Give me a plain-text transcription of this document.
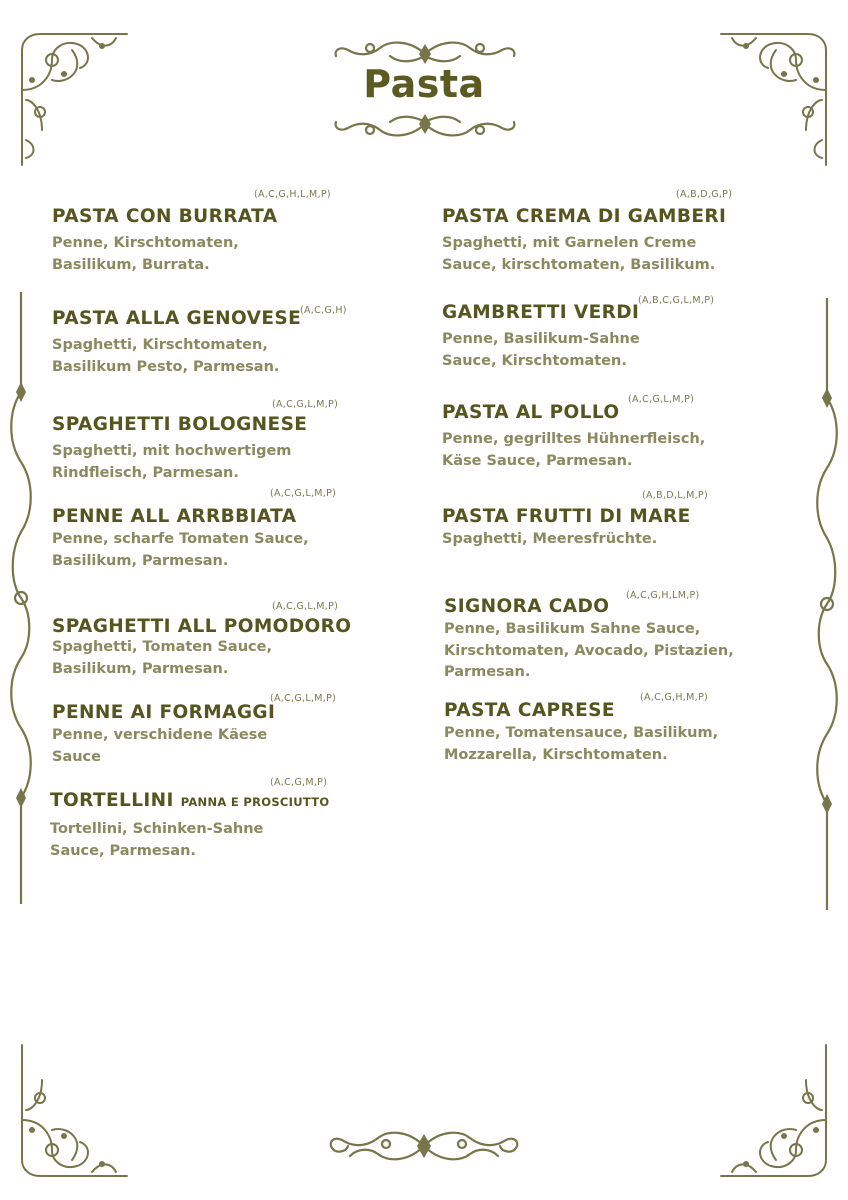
Pasta
PASTA CON BURRATA
(A,C,G,H,L,M,P)
Penne, Kirschtomaten,
Basilikum, Burrata.
PASTA ALLA GENOVESE
(A,C,G,H)
Spaghetti, Kirschtomaten,
Basilikum Pesto, Parmesan.
SPAGHETTI BOLOGNESE
(A,C,G,L,M,P)
Spaghetti, mit hochwertigem
Rindfleisch, Parmesan.
PENNE ALL ARRBBIATA
(A,C,G,L,M,P)
Penne, scharfe Tomaten Sauce,
Basilikum, Parmesan.
SPAGHETTI ALL POMODORO
(A,C,G,L,M,P)
Spaghetti, Tomaten Sauce,
Basilikum, Parmesan.
PENNE AI FORMAGGI
(A,C,G,L,M,P)
Penne, verschidene Käese
Sauce
TORTELLINI PANNA E PROSCIUTTO
(A,C,G,M,P)
Tortellini, Schinken-Sahne
Sauce, Parmesan.
PASTA CREMA DI GAMBERI
(A,B,D,G,P)
Spaghetti, mit Garnelen Creme
Sauce, kirschtomaten, Basilikum.
GAMBRETTI VERDI
(A,B,C,G,L,M,P)
Penne, Basilikum-Sahne
Sauce, Kirschtomaten.
PASTA AL POLLO
(A,C,G,L,M,P)
Penne, gegrilltes Hühnerfleisch,
Käse Sauce, Parmesan.
PASTA FRUTTI DI MARE
(A,B,D,L,M,P)
Spaghetti, Meeresfrüchte.
SIGNORA CADO
(A,C,G,H,LM,P)
Penne, Basilikum Sahne Sauce,
Kirschtomaten, Avocado, Pistazien,
Parmesan.
PASTA CAPRESE
(A,C,G,H,M,P)
Penne, Tomatensauce, Basilikum,
Mozzarella, Kirschtomaten.
